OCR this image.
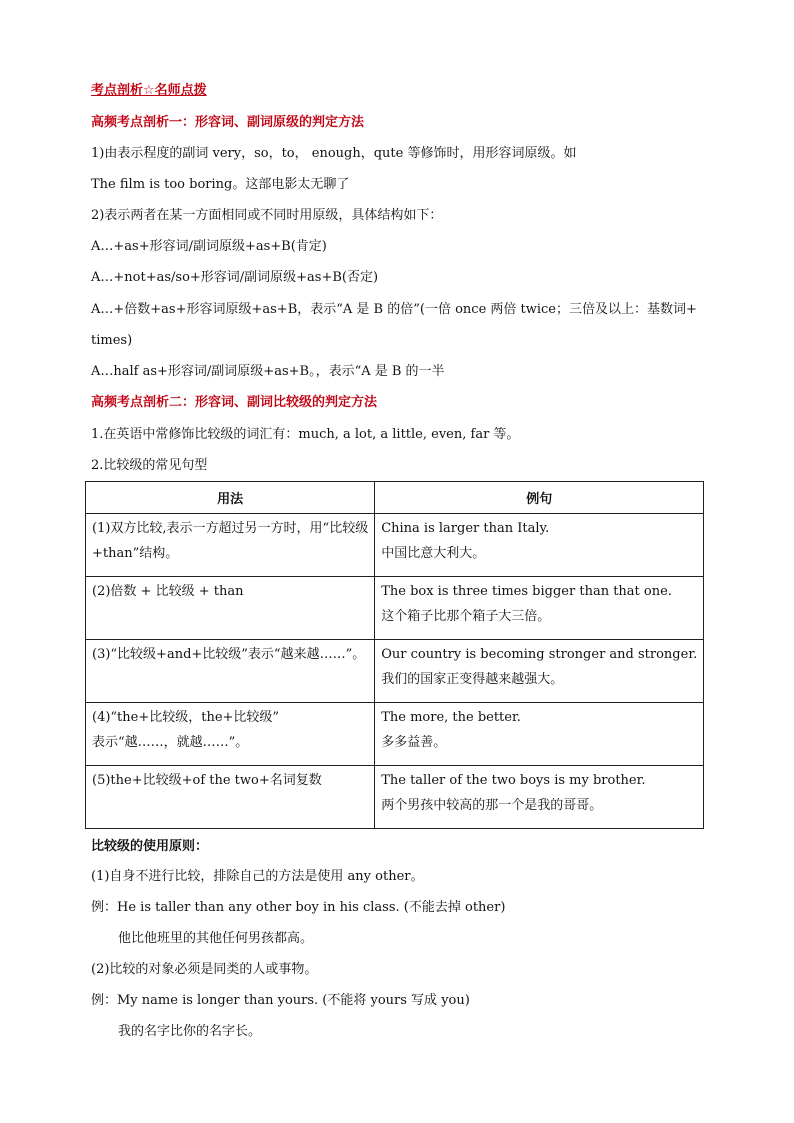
考点剖析☆名师点拨
高频考点剖析一：形容词、副词原级的判定方法
1)由表示程度的副词 very，so，to， enough，qute 等修饰时，用形容词原级。如
The film is too boring。这部电影太无聊了
2)表示两者在某一方面相同或不同时用原级，具体结构如下：
A…+as+形容词/副词原级+as+B(肯定)
A…+not+as/so+形容词/副词原级+as+B(否定)
A…+倍数+as+形容词原级+as+B，表示“A 是 B 的倍”(一倍 once 两倍 twice；三倍及以上：基数词+
times)
A…half as+形容词/副词原级+as+B。，表示“A 是 B 的一半
高频考点剖析二：形容词、副词比较级的判定方法
1.在英语中常修饰比较级的词汇有：much, a lot, a little, even, far 等。
2.比较级的常见句型
用法	例句

(1)双方比较,表示一方超过另一方时，用“比较级
+than”结构。	China is larger than Italy.
中国比意大利大。

(2)倍数 + 比较级 + than	The box is three times bigger than that one.
这个箱子比那个箱子大三倍。

(3)“比较级+and+比较级”表示“越来越……”。	Our country is becoming stronger and stronger.
我们的国家正变得越来越强大。

(4)“the+比较级，the+比较级”
表示“越……，就越……”。	The more, the better.
多多益善。

(5)the+比较级+of the two+名词复数	The taller of the two boys is my brother.
两个男孩中较高的那一个是我的哥哥。
比较级的使用原则：
(1)自身不进行比较，排除自己的方法是使用 any other。
例：He is taller than any other boy in his class. (不能去掉 other)
他比他班里的其他任何男孩都高。
(2)比较的对象必须是同类的人或事物。
例：My name is longer than yours. (不能将 yours 写成 you)
我的名字比你的名字长。
